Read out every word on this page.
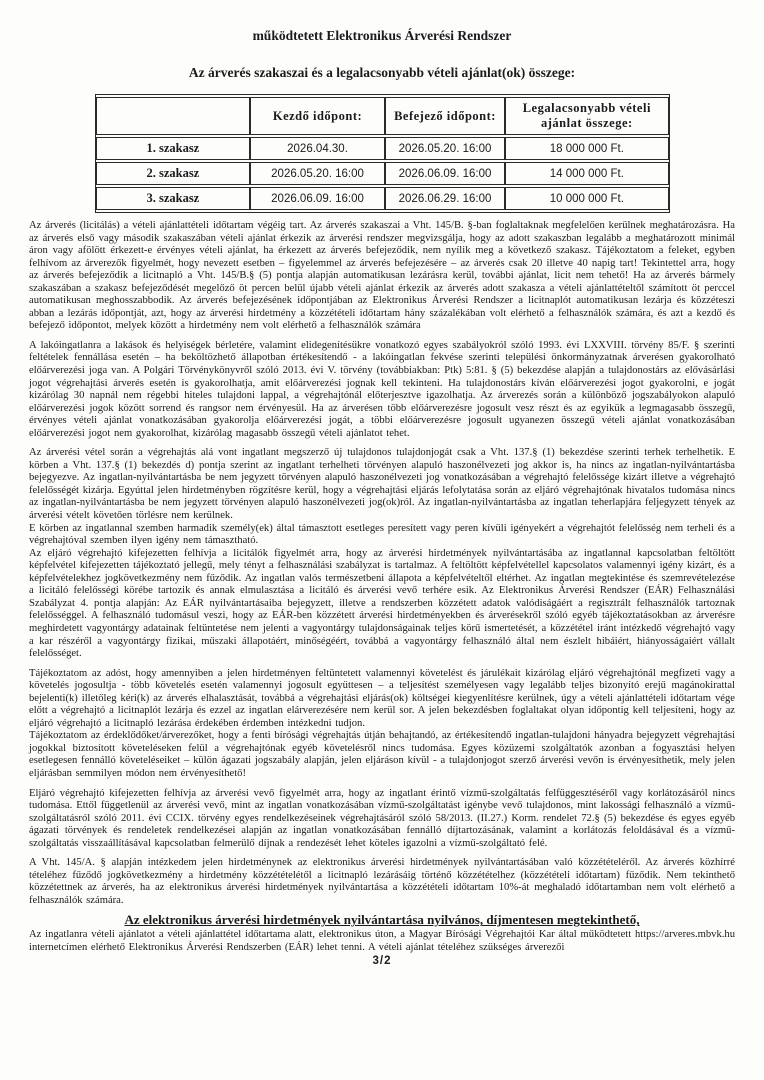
működtetett Elektronikus Árverési Rendszer

Az árverés szakaszai és a legalacsonyabb vételi ajánlat(ok) összege:

	Kezdő időpont:	Befejező időpont:	Legalacsonyabb vételi ajánlat összege:
1. szakasz	2026.04.30.	2026.05.20. 16:00	18 000 000 Ft.
2. szakasz	2026.05.20. 16:00	2026.06.09. 16:00	14 000 000 Ft.
3. szakasz	2026.06.09. 16:00	2026.06.29. 16:00	10 000 000 Ft.

Az árverés (licitálás) a vételi ajánlattételi időtartam végéig tart. Az árverés szakaszai a Vht. 145/B. §-ban foglaltaknak megfelelően kerülnek meghatározásra. Ha az árverés első vagy második szakaszában vételi ajánlat érkezik az árverési rendszer megvizsgálja, hogy az adott szakaszban legalább a meghatározott minimál áron vagy afölött érkezett-e érvényes vételi ajánlat, ha érkezett az árverés befejeződik, nem nyílik meg a következő szakasz. Tájékoztatom a feleket, egyben felhívom az árverezők figyelmét, hogy nevezett esetben – figyelemmel az árverés befejezésére – az árverés csak 20 illetve 40 napig tart! Tekintettel arra, hogy az árverés befejeződik a licitnapló a Vht. 145/B.§ (5) pontja alapján automatikusan lezárásra kerül, további ajánlat, licit nem tehető! Ha az árverés bármely szakaszában a szakasz befejeződését megelőző öt percen belül újabb vételi ajánlat érkezik az árverés adott szakasza a vételi ajánlattételtől számított öt perccel automatikusan meghosszabbodik. Az árverés befejezésének időpontjában az Elektronikus Árverési Rendszer a licitnaplót automatikusan lezárja és közzéteszi abban a lezárás időpontját, azt, hogy az árverési hirdetmény a közzétételi időtartam hány százalékában volt elérhető a felhasználók számára, és azt a kezdő és befejező időpontot, melyek között a hirdetmény nem volt elérhető a felhasználók számára

A lakóingatlanra a lakások és helyiségek bérletére, valamint elidegenítésükre vonatkozó egyes szabályokról szóló 1993. évi LXXVIII. törvény 85/F. § szerinti feltételek fennállása esetén – ha beköltözhető állapotban értékesítendő - a lakóingatlan fekvése szerinti települési önkormányzatnak árverésen gyakorolható előárverezési joga van. A Polgári Törvénykönyvről szóló 2013. évi V. törvény (továbbiakban: Ptk) 5:81. § (5) bekezdése alapján a tulajdonostárs az elővásárlási jogot végrehajtási árverés esetén is gyakorolhatja, amit előárverezési jognak kell tekinteni. Ha tulajdonostárs kíván előárverezési jogot gyakorolni, e jogát kizárólag 30 napnál nem régebbi hiteles tulajdoni lappal, a végrehajtónál előterjesztve igazolhatja. Az árverezés során a különböző jogszabályokon alapuló előárverezési jogok között sorrend és rangsor nem érvényesül. Ha az árverésen több előárverezésre jogosult vesz részt és az egyikük a legmagasabb összegű, érvényes vételi ajánlat vonatkozásában gyakorolja előárverezési jogát, a többi előárverezésre jogosult ugyanezen összegű vételi ajánlat vonatkozásában előárverezési jogot nem gyakorolhat, kizárólag magasabb összegű vételi ajánlatot tehet.

Az árverési vétel során a végrehajtás alá vont ingatlant megszerző új tulajdonos tulajdonjogát csak a Vht. 137.§ (1) bekezdése szerinti terhek terhelhetik. E körben a Vht. 137.§ (1) bekezdés d) pontja szerint az ingatlant terhelheti törvényen alapuló haszonélvezeti jog akkor is, ha nincs az ingatlan-nyilvántartásba bejegyezve. Az ingatlan-nyilvántartásba be nem jegyzett törvényen alapuló haszonélvezeti jog vonatkozásában a végrehajtó felelőssége kizárt illetve a végrehajtó felelősségét kizárja. Egyúttal jelen hirdetményben rögzítésre kerül, hogy a végrehajtási eljárás lefolytatása során az eljáró végrehajtónak hivatalos tudomása nincs az ingatlan-nyilvántartásba be nem jegyzett törvényen alapuló haszonélvezeti jog(ok)ról. Az ingatlan-nyilvántartásba az ingatlan teherlapjára feljegyzett tények az árverési vételt követően törlésre nem kerülnek.

E körben az ingatlannal szemben harmadik személy(ek) által támasztott esetleges peresített vagy peren kívüli igényekért a végrehajtót felelősség nem terheli és a végrehajtóval szemben ilyen igény nem támasztható.

Az eljáró végrehajtó kifejezetten felhívja a licitálók figyelmét arra, hogy az árverési hirdetmények nyilvántartásába az ingatlannal kapcsolatban feltöltött képfelvétel kifejezetten tájékoztató jellegű, mely tényt a felhasználási szabályzat is tartalmaz. A feltöltött képfelvétellel kapcsolatos valamennyi igény kizárt, és a képfelvételekhez jogkövetkezmény nem fűződik. Az ingatlan valós természetbeni állapota a képfelvételtől eltérhet. Az ingatlan megtekintése és szemrevételezése a licitáló felelősségi körébe tartozik és annak elmulasztása a licitáló és árverési vevő terhére esik. Az Elektronikus Árverési Rendszer (EÁR) Felhasználási Szabályzat 4. pontja alapján: Az EÁR nyilvántartásaiba bejegyzett, illetve a rendszerben közzétett adatok valódiságáért a regisztrált felhasználók tartoznak felelősséggel. A felhasználó tudomásul veszi, hogy az EÁR-ben közzétett árverési hirdetményekben és árverésekről szóló egyéb tájékoztatásokban az árverésre meghirdetett vagyontárgy adatainak feltüntetése nem jelenti a vagyontárgy tulajdonságainak teljes körű ismertetését, a közzététel iránt intézkedő végrehajtó vagy a kar részéről a vagyontárgy fizikai, műszaki állapotáért, minőségéért, továbbá a vagyontárgy felhasználó által nem észlelt hibáiért, hiányosságaiért vállalt felelősséget.

Tájékoztatom az adóst, hogy amennyiben a jelen hirdetményen feltüntetett valamennyi követelést és járulékait kizárólag eljáró végrehajtónál megfizeti vagy a követelés jogosultja - több követelés esetén valamennyi jogosult együttesen – a teljesítést személyesen vagy legalább teljes bizonyító erejű magánokirattal bejelenti(k) illetőleg kéri(k) az árverés elhalasztását, továbbá a végrehajtási eljárás(ok) költségei kiegyenlítésre kerülnek, úgy a vételi ajánlattételi időtartam vége előtt a végrehajtó a licitnaplót lezárja és ezzel az ingatlan elárverezésére nem kerül sor. A jelen bekezdésben foglaltakat olyan időpontig kell teljesíteni, hogy az eljáró végrehajtó a licitnapló lezárása érdekében érdemben intézkedni tudjon.

Tájékoztatom az érdeklődőket/árverezőket, hogy a fenti bírósági végrehajtás útján behajtandó, az értékesítendő ingatlan-tulajdoni hányadra bejegyzett végrehajtási jogokkal biztosított követeléseken felül a végrehajtónak egyéb követelésről nincs tudomása. Egyes közüzemi szolgáltatók azonban a fogyasztási helyen esetlegesen fennálló követeléseiket – külön ágazati jogszabály alapján, jelen eljáráson kívül - a tulajdonjogot szerző árverési vevőn is érvényesíthetik, mely jelen eljárásban semmilyen módon nem érvényesíthető!

Eljáró végrehajtó kifejezetten felhívja az árverési vevő figyelmét arra, hogy az ingatlant érintő vízmű-szolgáltatás felfüggesztéséről vagy korlátozásáról nincs tudomása. Ettől függetlenül az árverési vevő, mint az ingatlan vonatkozásában vízmű-szolgáltatást igénybe vevő tulajdonos, mint lakossági felhasználó a vízmű-szolgáltatásról szóló 2011. évi CCIX. törvény egyes rendelkezéseinek végrehajtásáról szóló 58/2013. (II.27.) Korm. rendelet 72.§ (5) bekezdése és egyes egyéb ágazati törvények és rendeletek rendelkezései alapján az ingatlan vonatkozásában fennálló díjtartozásának, valamint a korlátozás feloldásával és a vízmű-szolgáltatás visszaállításával kapcsolatban felmerülő díjnak a rendezését lehet köteles igazolni a vízmű-szolgáltató felé.

A Vht. 145/A. § alapján intézkedem jelen hirdetménynek az elektronikus árverési hirdetmények nyilvántartásában való közzétételéről. Az árverés közhírré tételéhez fűződő jogkövetkezmény a hirdetmény közzétételétől a licitnapló lezárásáig történő közzétételhez (közzétételi időtartam) fűződik. Nem tekinthető közzétettnek az árverés, ha az elektronikus árverési hirdetmények nyilvántartása a közzétételi időtartam 10%-át meghaladó időtartamban nem volt elérhető a felhasználók számára.

Az elektronikus árverési hirdetmények nyilvántartása nyilvános, díjmentesen megtekinthető,

Az ingatlanra vételi ajánlatot a vételi ajánlattétel időtartama alatt, elektronikus úton, a Magyar Bírósági Végrehajtói Kar által működtetett https://arveres.mbvk.hu internetcímen elérhető Elektronikus Árverési Rendszerben (EÁR) lehet tenni. A vételi ajánlat tételéhez szükséges árverezői

3/2
